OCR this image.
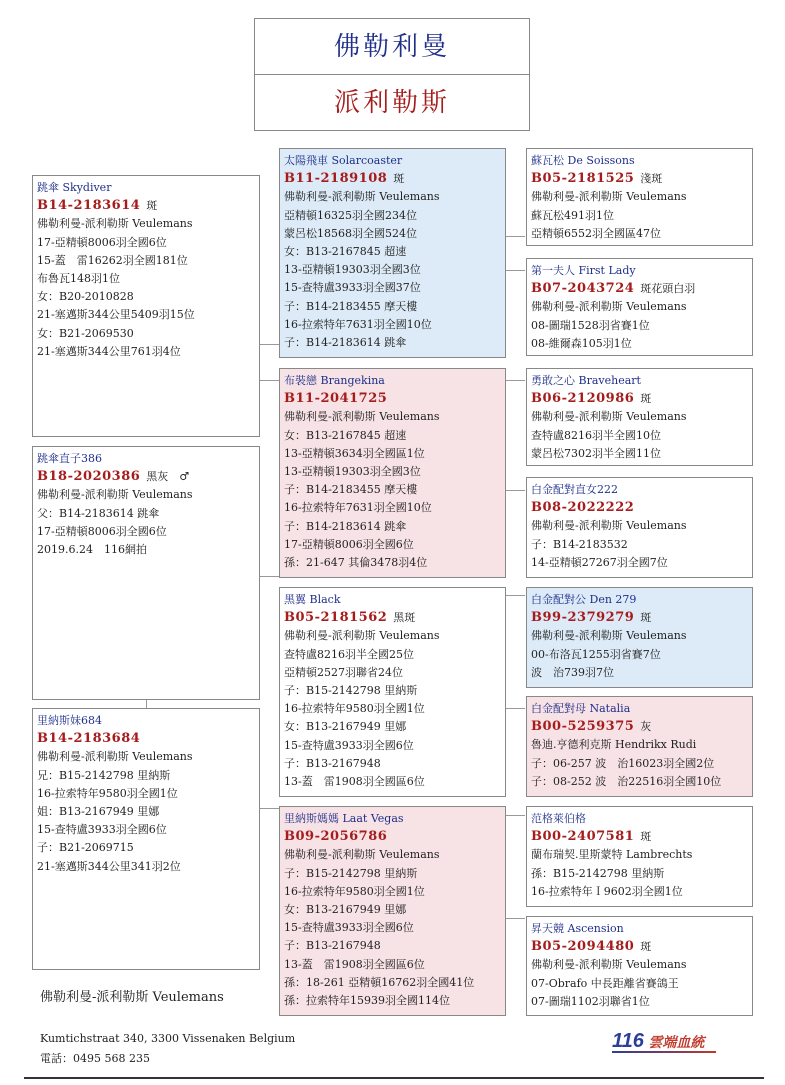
佛勒利曼
派利勒斯
跳傘 Skydiver
B14-2183614 斑
佛勒利曼-派利勒斯 Veulemans
17-亞精頓8006羽全國6位
15-蓋　雷16262羽全國181位
布魯瓦148羽1位
女：B20-2010828
21-塞邁斯344公里5409羽15位
女：B21-2069530
21-塞邁斯344公里761羽4位
跳傘直子386
B18-2020386 黑灰　♂
佛勒利曼-派利勒斯 Veulemans
父：B14-2183614 跳傘
17-亞精頓8006羽全國6位
2019.6.24　116網拍
里納斯妹684
B14-2183684
佛勒利曼-派利勒斯 Veulemans
兄：B15-2142798 里納斯
16-拉索特年9580羽全國1位
姐：B13-2167949 里娜
15-查特盧3933羽全國6位
子：B21-2069715
21-塞邁斯344公里341羽2位
太陽飛車 Solarcoaster
B11-2189108 斑
佛勒利曼-派利勒斯 Veulemans
亞精頓16325羽全國234位
蒙呂松18568羽全國524位
女：B13-2167845 超速
13-亞精頓19303羽全國3位
15-查特盧3933羽全國37位
子：B14-2183455 摩天樓
16-拉索特年7631羽全國10位
子：B14-2183614 跳傘
布裝戀 Brangekina
B11-2041725
佛勒利曼-派利勒斯 Veulemans
女：B13-2167845 超速
13-亞精頓3634羽全國區1位
13-亞精頓19303羽全國3位
子：B14-2183455 摩天樓
16-拉索特年7631羽全國10位
子：B14-2183614 跳傘
17-亞精頓8006羽全國6位
孫：21-647 其倫3478羽4位
黑翼 Black
B05-2181562 黑斑
佛勒利曼-派利勒斯 Veulemans
查特盧8216羽半全國25位
亞精頓2527羽聯省24位
子：B15-2142798 里納斯
16-拉索特年9580羽全國1位
女：B13-2167949 里娜
15-查特盧3933羽全國6位
子：B13-2167948
13-蓋　雷1908羽全國區6位
里納斯媽媽 Laat Vegas
B09-2056786
佛勒利曼-派利勒斯 Veulemans
子：B15-2142798 里納斯
16-拉索特年9580羽全國1位
女：B13-2167949 里娜
15-查特盧3933羽全國6位
子：B13-2167948
13-蓋　雷1908羽全國區6位
孫：18-261 亞精頓16762羽全國41位
孫：拉索特年15939羽全國114位
蘇瓦松 De Soissons
B05-2181525 淺斑
佛勒利曼-派利勒斯 Veulemans
蘇瓦松491羽1位
亞精頓6552羽全國區47位
第一夫人 First Lady
B07-2043724 斑花頭白羽
佛勒利曼-派利勒斯 Veulemans
08-圖瑞1528羽省賽1位
08-維爾森105羽1位
勇敢之心 Braveheart
B06-2120986 斑
佛勒利曼-派利勒斯 Veulemans
查特盧8216羽半全國10位
蒙呂松7302羽半全國11位
白金配對直女222
B08-2022222
佛勒利曼-派利勒斯 Veulemans
子：B14-2183532
14-亞精頓27267羽全國7位
白金配對公 Den 279
B99-2379279 斑
佛勒利曼-派利勒斯 Veulemans
00-布洛瓦1255羽省賽7位
波　治739羽7位
白金配對母 Natalia
B00-5259375 灰
魯迪.亨德利克斯 Hendrikx Rudi
子：06-257 波　治16023羽全國2位
子：08-252 波　治22516羽全國10位
范格萊伯格
B00-2407581 斑
蘭布瑞契.里斯蒙特 Lambrechts
孫：B15-2142798 里納斯
16-拉索特年Ｉ9602羽全國1位
昇天競 Ascension
B05-2094480 斑
佛勒利曼-派利勒斯 Veulemans
07-Obrafo 中長距離省賽鴿王
07-圖瑞1102羽聯省1位
佛勒利曼-派利勒斯 Veulemans
Kumtichstraat 340, 3300 Vissenaken Belgium
電話：0495 568 235
116 雲端血統
